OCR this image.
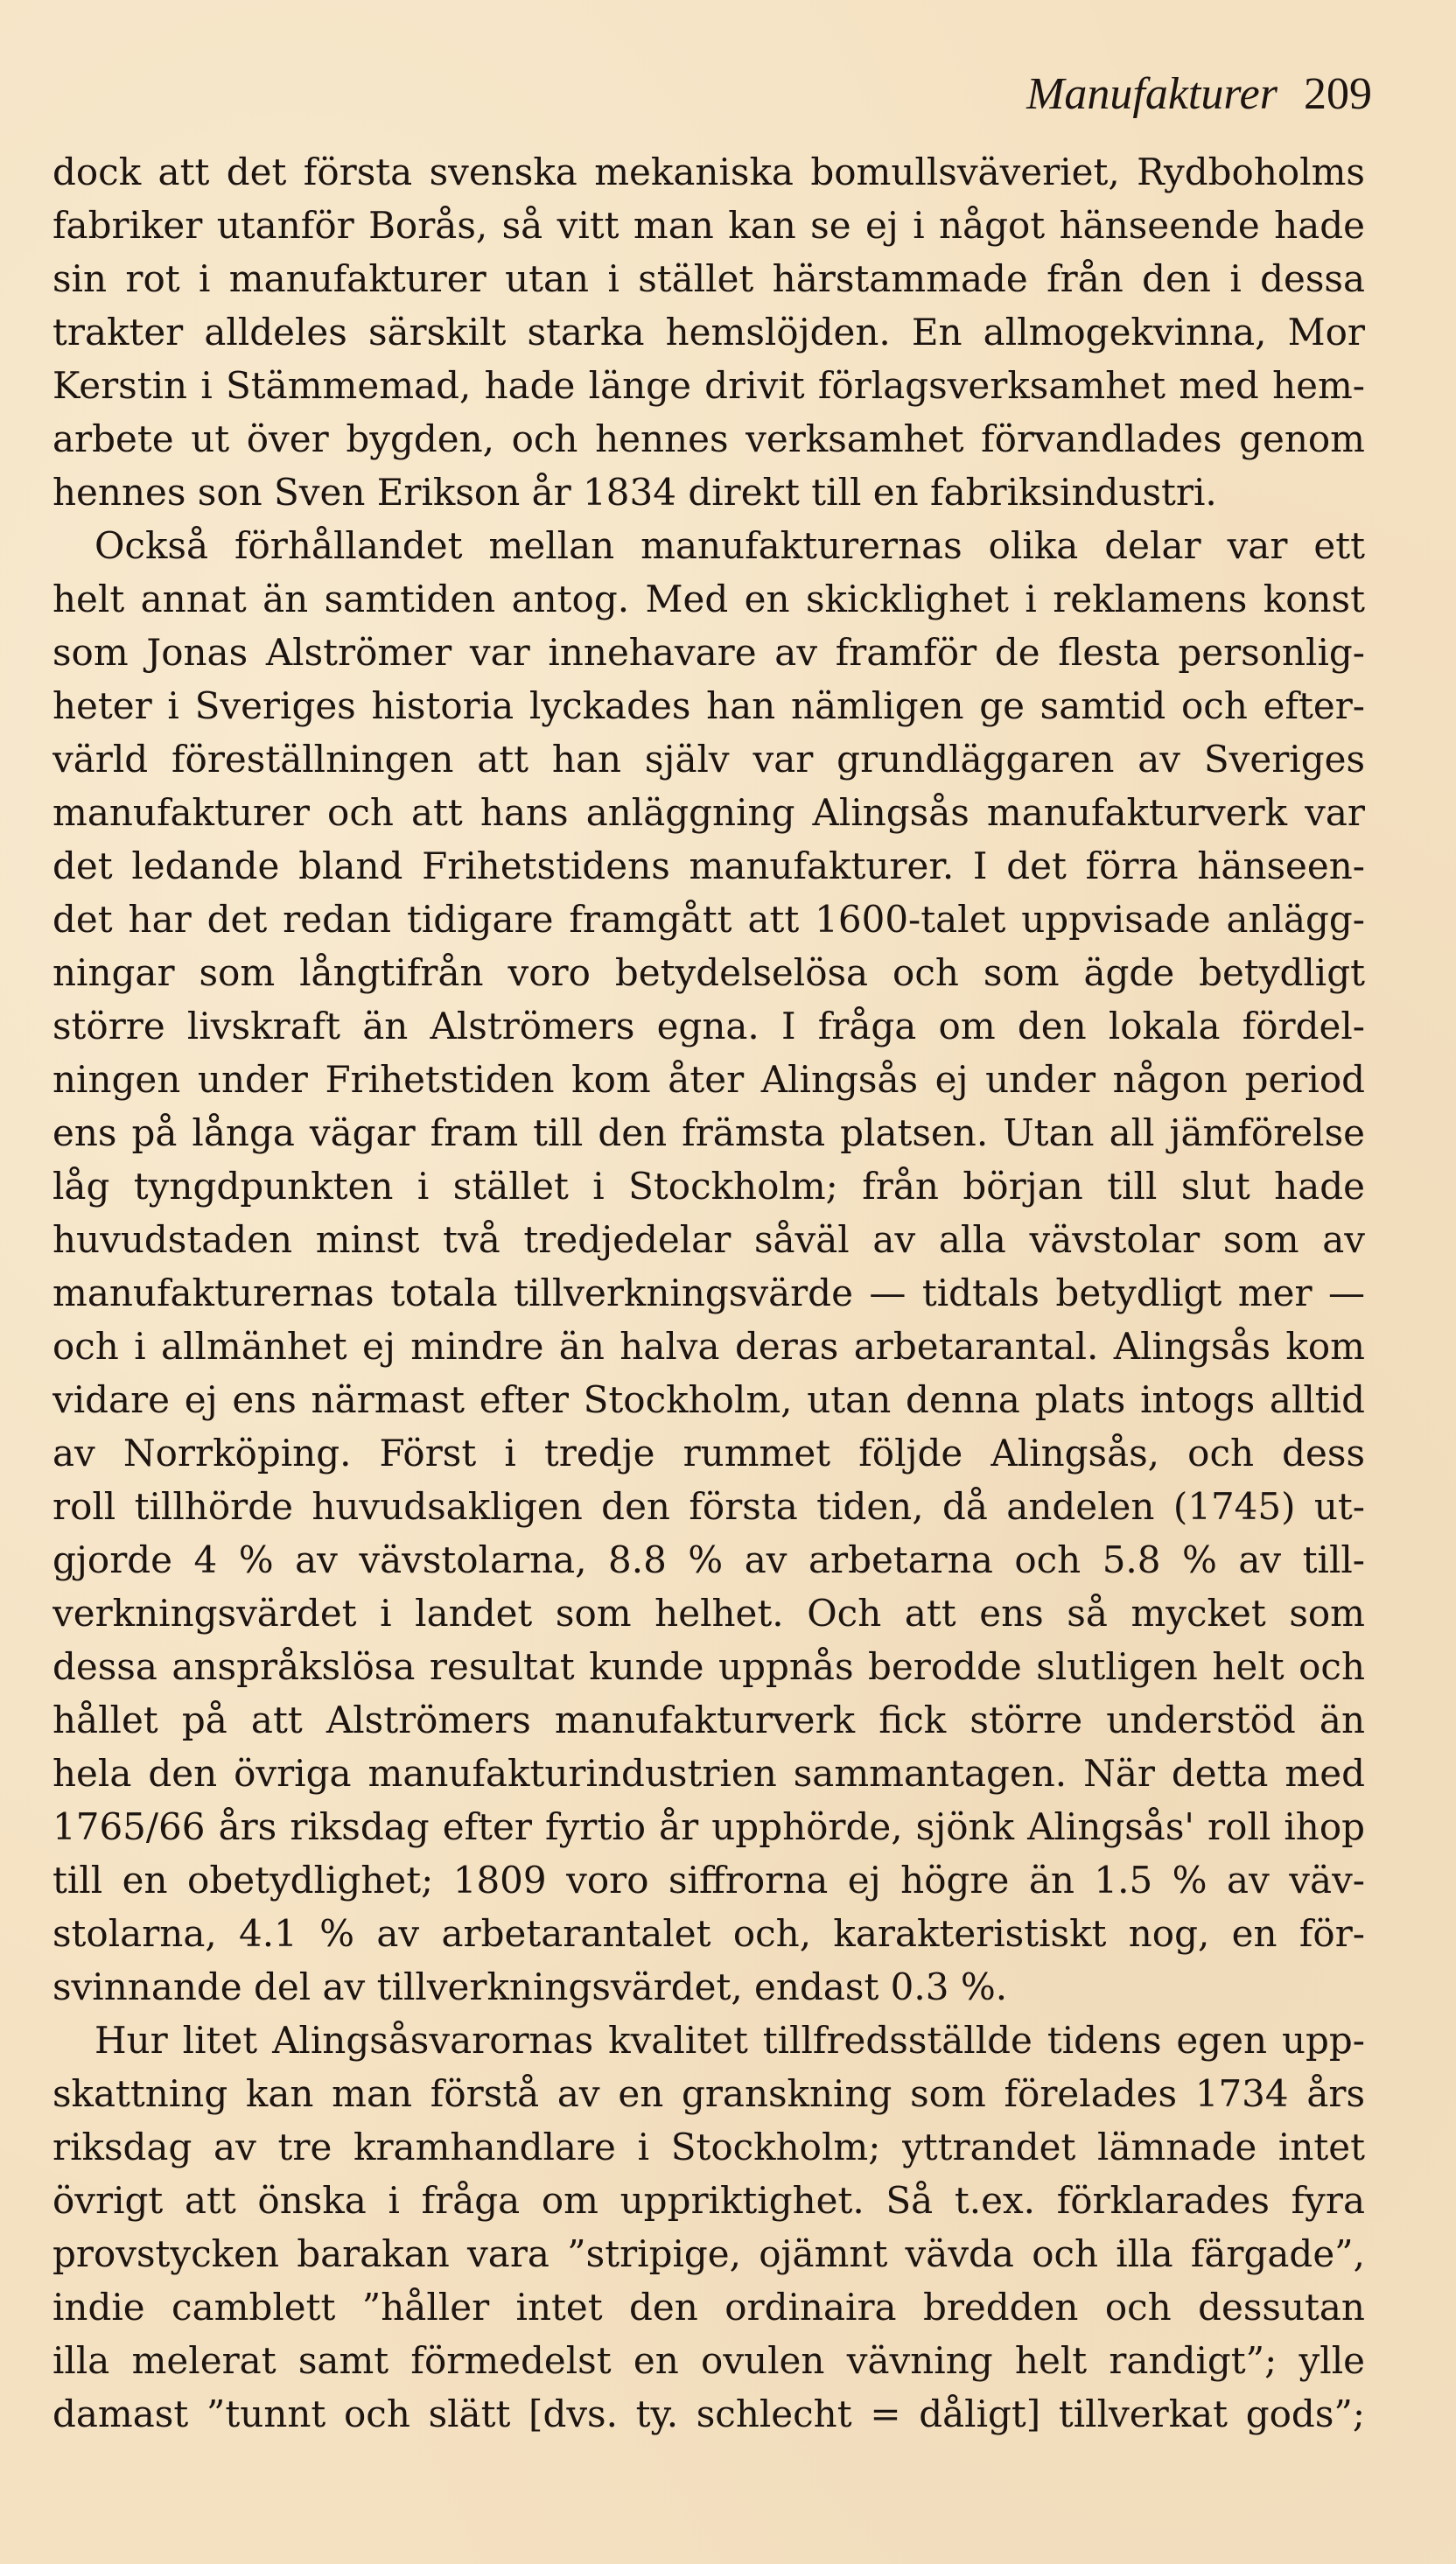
Manufakturer 209
dock att det första svenska mekaniska bomullsväveriet, Rydboholms
fabriker utanför Borås, så vitt man kan se ej i något hänseende hade
sin rot i manufakturer utan i stället härstammade från den i dessa
trakter alldeles särskilt starka hemslöjden. En allmogekvinna, Mor
Kerstin i Stämmemad, hade länge drivit förlagsverksamhet med hem-
arbete ut över bygden, och hennes verksamhet förvandlades genom
hennes son Sven Erikson år 1834 direkt till en fabriksindustri.
Också förhållandet mellan manufakturernas olika delar var ett
helt annat än samtiden antog. Med en skicklighet i reklamens konst
som Jonas Alströmer var innehavare av framför de flesta personlig-
heter i Sveriges historia lyckades han nämligen ge samtid och efter-
värld föreställningen att han själv var grundläggaren av Sveriges
manufakturer och att hans anläggning Alingsås manufakturverk var
det ledande bland Frihetstidens manufakturer. I det förra hänseen-
det har det redan tidigare framgått att 1600-talet uppvisade anlägg-
ningar som långtifrån voro betydelselösa och som ägde betydligt
större livskraft än Alströmers egna. I fråga om den lokala fördel-
ningen under Frihetstiden kom åter Alingsås ej under någon period
ens på långa vägar fram till den främsta platsen. Utan all jämförelse
låg tyngdpunkten i stället i Stockholm; från början till slut hade
huvudstaden minst två tredjedelar såväl av alla vävstolar som av
manufakturernas totala tillverkningsvärde — tidtals betydligt mer —
och i allmänhet ej mindre än halva deras arbetarantal. Alingsås kom
vidare ej ens närmast efter Stockholm, utan denna plats intogs alltid
av Norrköping. Först i tredje rummet följde Alingsås, och dess
roll tillhörde huvudsakligen den första tiden, då andelen (1745) ut-
gjorde 4 % av vävstolarna, 8.8 % av arbetarna och 5.8 % av till-
verkningsvärdet i landet som helhet. Och att ens så mycket som
dessa anspråkslösa resultat kunde uppnås berodde slutligen helt och
hållet på att Alströmers manufakturverk fick större understöd än
hela den övriga manufakturindustrien sammantagen. När detta med
1765/66 års riksdag efter fyrtio år upphörde, sjönk Alingsås' roll ihop
till en obetydlighet; 1809 voro siffrorna ej högre än 1.5 % av väv-
stolarna, 4.1 % av arbetarantalet och, karakteristiskt nog, en för-
svinnande del av tillverkningsvärdet, endast 0.3 %.
Hur litet Alingsåsvarornas kvalitet tillfredsställde tidens egen upp-
skattning kan man förstå av en granskning som förelades 1734 års
riksdag av tre kramhandlare i Stockholm; yttrandet lämnade intet
övrigt att önska i fråga om uppriktighet. Så t.ex. förklarades fyra
provstycken barakan vara ”stripige, ojämnt vävda och illa färgade”,
indie camblett ”håller intet den ordinaira bredden och dessutan
illa melerat samt förmedelst en ovulen vävning helt randigt”; ylle
damast ”tunnt och slätt [dvs. ty. schlecht = dåligt] tillverkat gods”;
